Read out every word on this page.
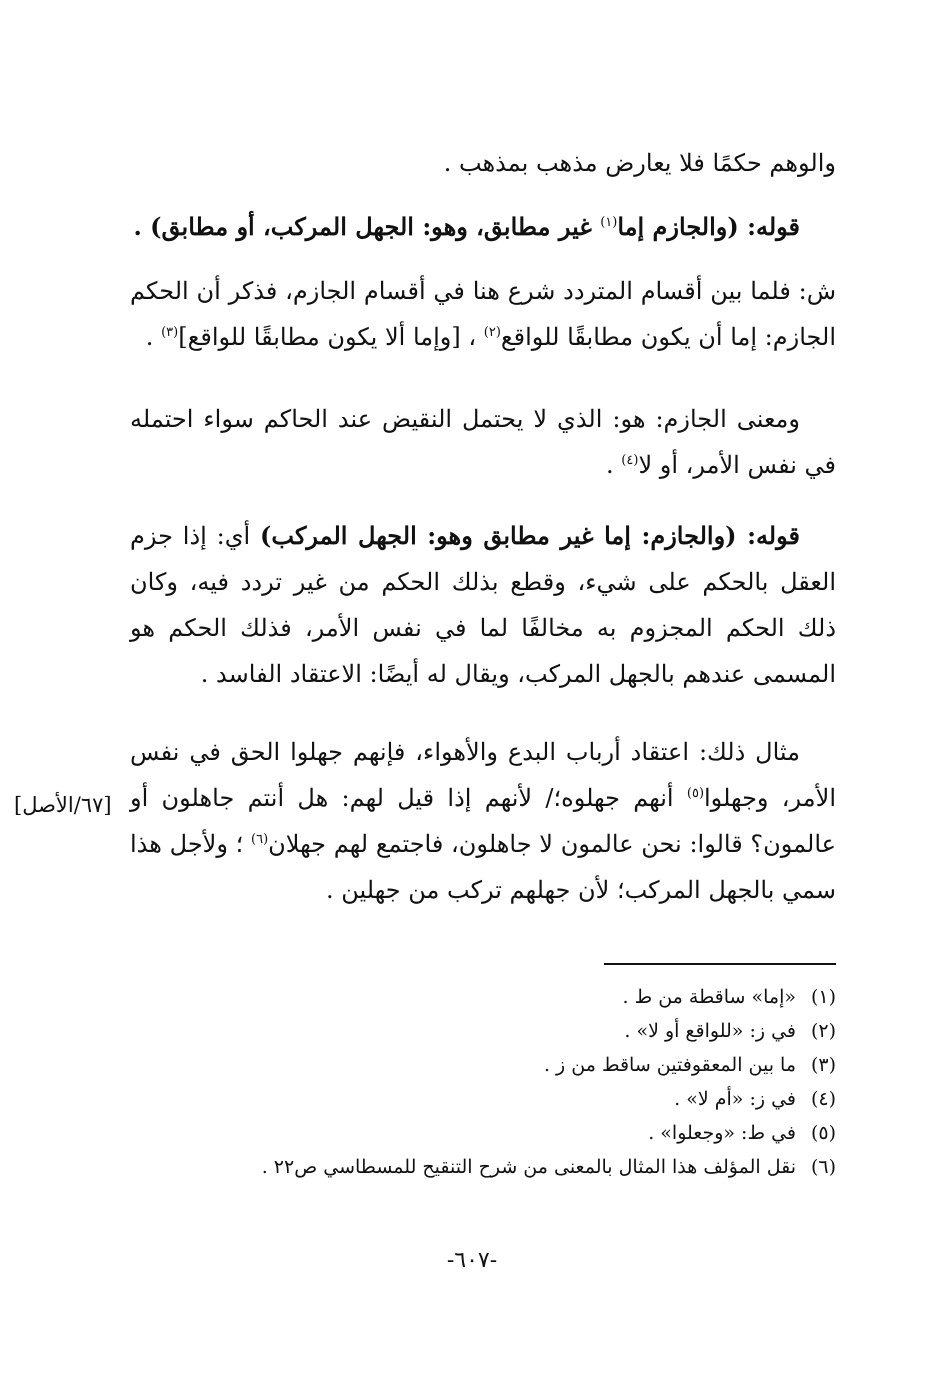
والوهم حكمًا فلا يعارض مذهب بمذهب .

قوله: (والجازم إما$^{(١)}$ غير مطابق، وهو: الجهل المركب، أو مطابق) .

ش: فلما بين أقسام المتردد شرع هنا في أقسام الجازم، فذكر أن الحكم الجازم: إما أن يكون مطابقًا للواقع$^{(٢)}$ ، [وإما ألا يكون مطابقًا للواقع]$^{(٣)}$ .

ومعنى الجازم: هو: الذي لا يحتمل النقيض عند الحاكم سواء احتمله في نفس الأمر، أو لا$^{(٤)}$ .

قوله: (والجازم: إما غير مطابق وهو: الجهل المركب) أي: إذا جزم العقل بالحكم على شيء، وقطع بذلك الحكم من غير تردد فيه، وكان ذلك الحكم المجزوم به مخالفًا لما في نفس الأمر، فذلك الحكم هو المسمى عندهم بالجهل المركب، ويقال له أيضًا: الاعتقاد الفاسد .

مثال ذلك: اعتقاد أرباب البدع والأهواء، فإنهم جهلوا الحق في نفس الأمر، وجهلوا$^{(٥)}$ أنهم جهلوه؛/ لأنهم إذا قيل لهم: هل أنتم جاهلون أو عالمون؟ قالوا: نحن عالمون لا جاهلون، فاجتمع لهم جهلان$^{(٦)}$ ؛ ولأجل هذا سمي بالجهل المركب؛ لأن جهلهم تركب من جهلين .

[٦٧/الأصل]
(١)«إما» ساقطة من ط .
(٢)في ز: «للواقع أو لا» .
(٣)ما بين المعقوفتين ساقط من ز .
(٤)في ز: «أم لا» .
(٥)في ط: «وجعلوا» .
(٦)نقل المؤلف هذا المثال بالمعنى من شرح التنقيح للمسطاسي ص٢٢ .
-٦٠٧-
